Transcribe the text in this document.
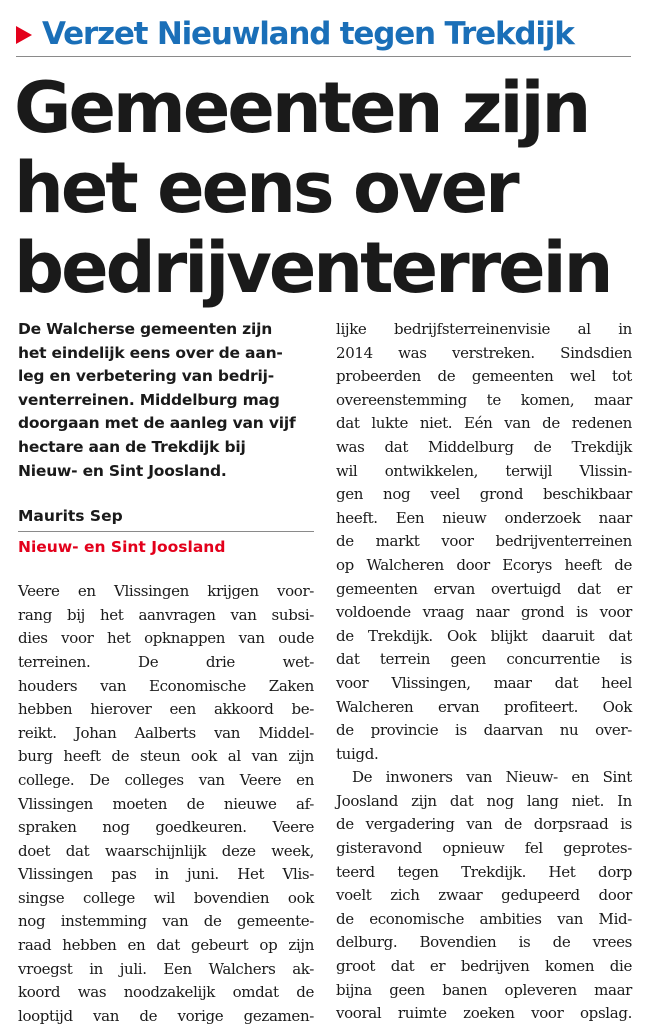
Verzet Nieuwland tegen Trekdijk
Gemeenten zijn
het eens over
bedrijventerrein

De Walcherse gemeenten zijn
het eindelijk eens over de aan-
leg en verbetering van bedrij-
venterreinen. Middelburg mag
doorgaan met de aanleg van vijf
hectare aan de Trekdijk bij
Nieuw- en Sint Joosland.

Maurits Sep
Nieuw- en Sint Joosland

Veere en Vlissingen krijgen voor-
rang bij het aanvragen van subsi-
dies voor het opknappen van oude
terreinen. De drie wet-
houders van Economische Zaken
hebben hierover een akkoord be-
reikt. Johan Aalberts van Middel-
burg heeft de steun ook al van zijn
college. De colleges van Veere en
Vlissingen moeten de nieuwe af-
spraken nog goedkeuren. Veere
doet dat waarschijnlijk deze week,
Vlissingen pas in juni. Het Vlis-
singse college wil bovendien ook
nog instemming van de gemeente-
raad hebben en dat gebeurt op zijn
vroegst in juli. Een Walchers ak-
koord was noodzakelijk omdat de
looptijd van de vorige gezamen-

lijke bedrijfsterreinenvisie al in
2014 was verstreken. Sindsdien
probeerden de gemeenten wel tot
overeenstemming te komen, maar
dat lukte niet. Eén van de redenen
was dat Middelburg de Trekdijk
wil ontwikkelen, terwijl Vlissin-
gen nog veel grond beschikbaar
heeft. Een nieuw onderzoek naar
de markt voor bedrijventerreinen
op Walcheren door Ecorys heeft de
gemeenten ervan overtuigd dat er
voldoende vraag naar grond is voor
de Trekdijk. Ook blijkt daaruit dat
dat terrein geen concurrentie is
voor Vlissingen, maar dat heel
Walcheren ervan profiteert. Ook
de provincie is daarvan nu over-
tuigd.

De inwoners van Nieuw- en Sint
Joosland zijn dat nog lang niet. In
de vergadering van de dorpsraad is
gisteravond opnieuw fel geprotes-
teerd tegen Trekdijk. Het dorp
voelt zich zwaar gedupeerd door
de economische ambities van Mid-
delburg. Bovendien is de vrees
groot dat er bedrijven komen die
bijna geen banen opleveren maar
vooral ruimte zoeken voor opslag.
